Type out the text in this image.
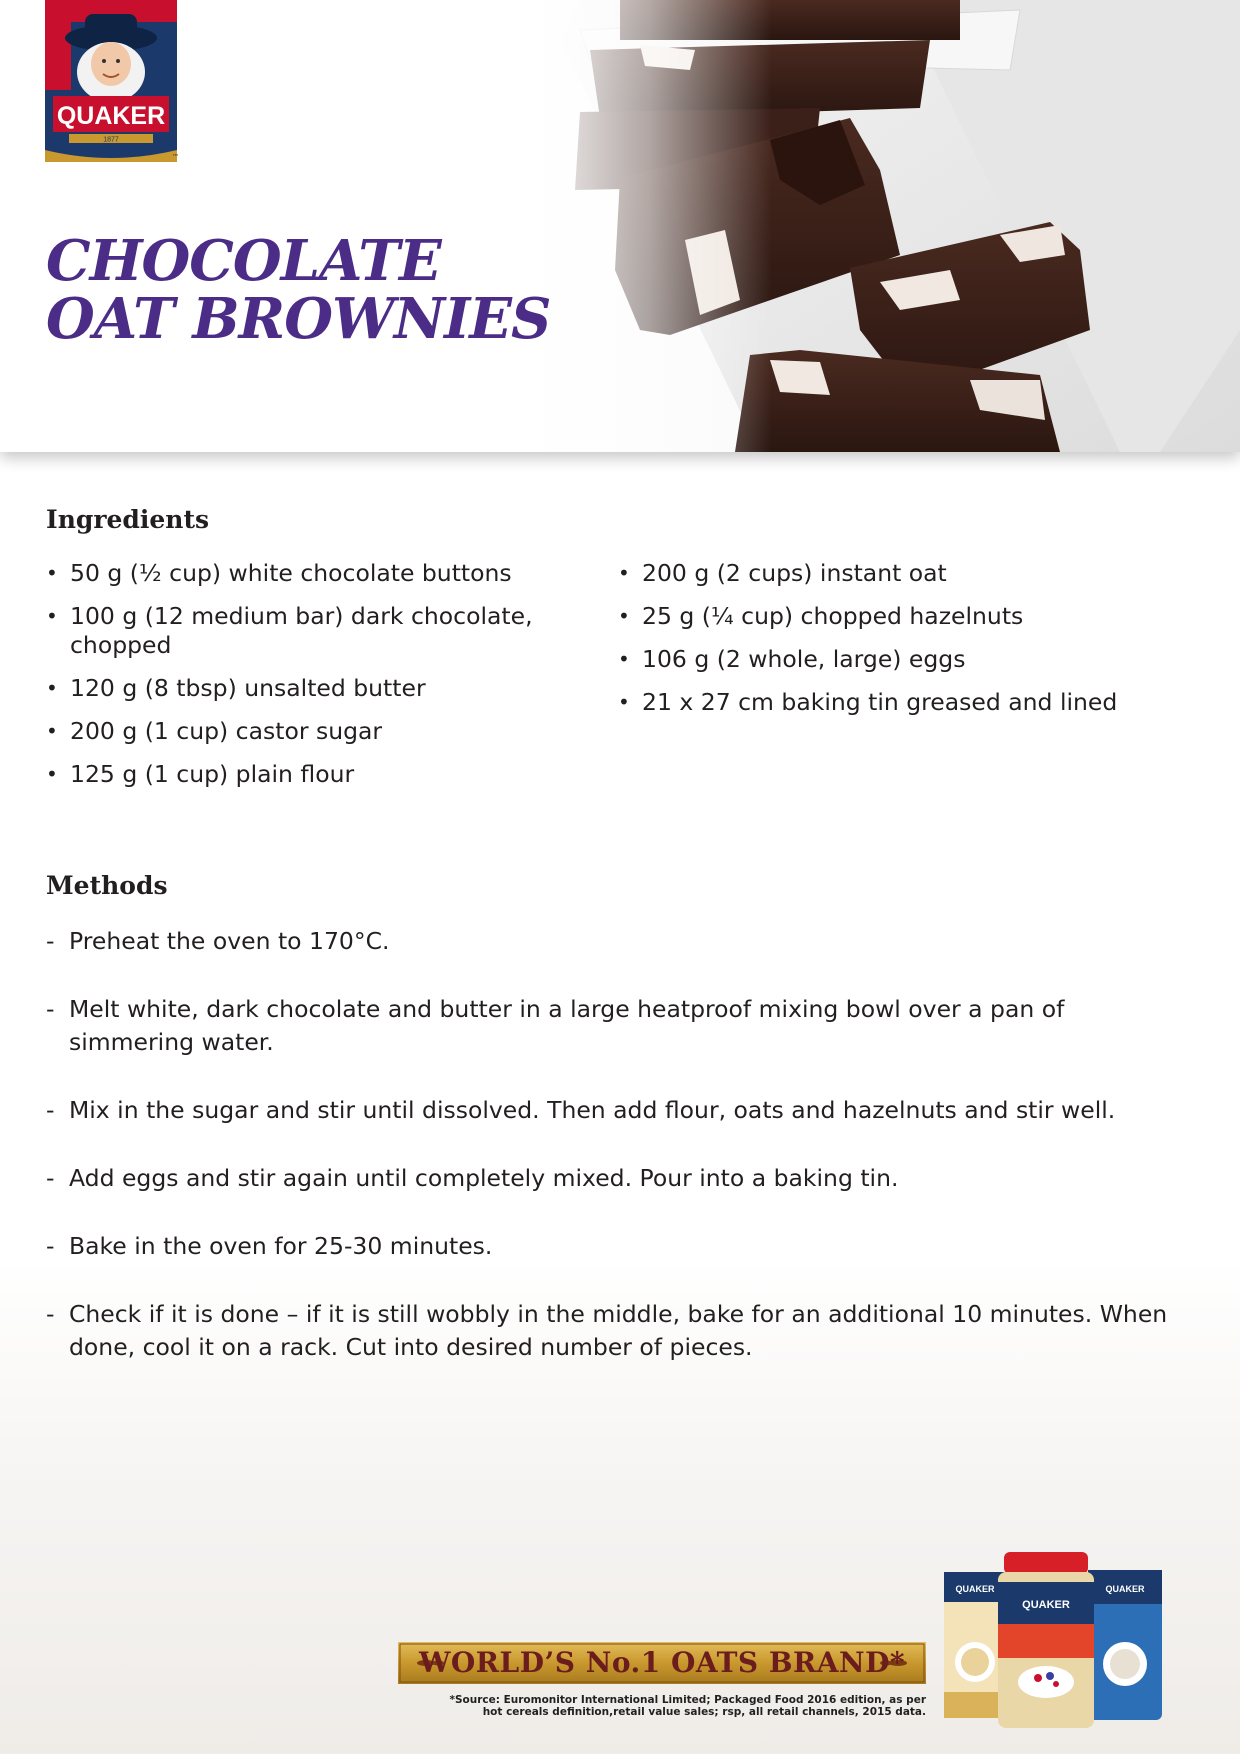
QUAKER
1877
™
CHOCOLATE
OAT BROWNIES
Ingredients
• 50 g (½ cup) white chocolate buttons
• 100 g (12 medium bar) dark chocolate, chopped
• 120 g (8 tbsp) unsalted butter
• 200 g (1 cup) castor sugar
• 125 g (1 cup) plain flour
• 200 g (2 cups) instant oat
• 25 g (¼ cup) chopped hazelnuts
• 106 g (2 whole, large) eggs
• 21 x 27 cm baking tin greased and lined
Methods
- Preheat the oven to 170°C.
- Melt white, dark chocolate and butter in a large heatproof mixing bowl over a pan of simmering water.
- Mix in the sugar and stir until dissolved. Then add flour, oats and hazelnuts and stir well.
- Add eggs and stir again until completely mixed. Pour into a baking tin.
- Bake in the oven for 25-30 minutes.
- Check if it is done – if it is still wobbly in the middle, bake for an additional 10 minutes. When done, cool it on a rack. Cut into desired number of pieces.
WORLD’S No.1 OATS BRAND*

*Source: Euromonitor International Limited; Packaged Food 2016 edition, as per
hot cereals definition,retail value sales; rsp, all retail channels, 2015 data.

QUAKER	QUAKER
QUAKER
